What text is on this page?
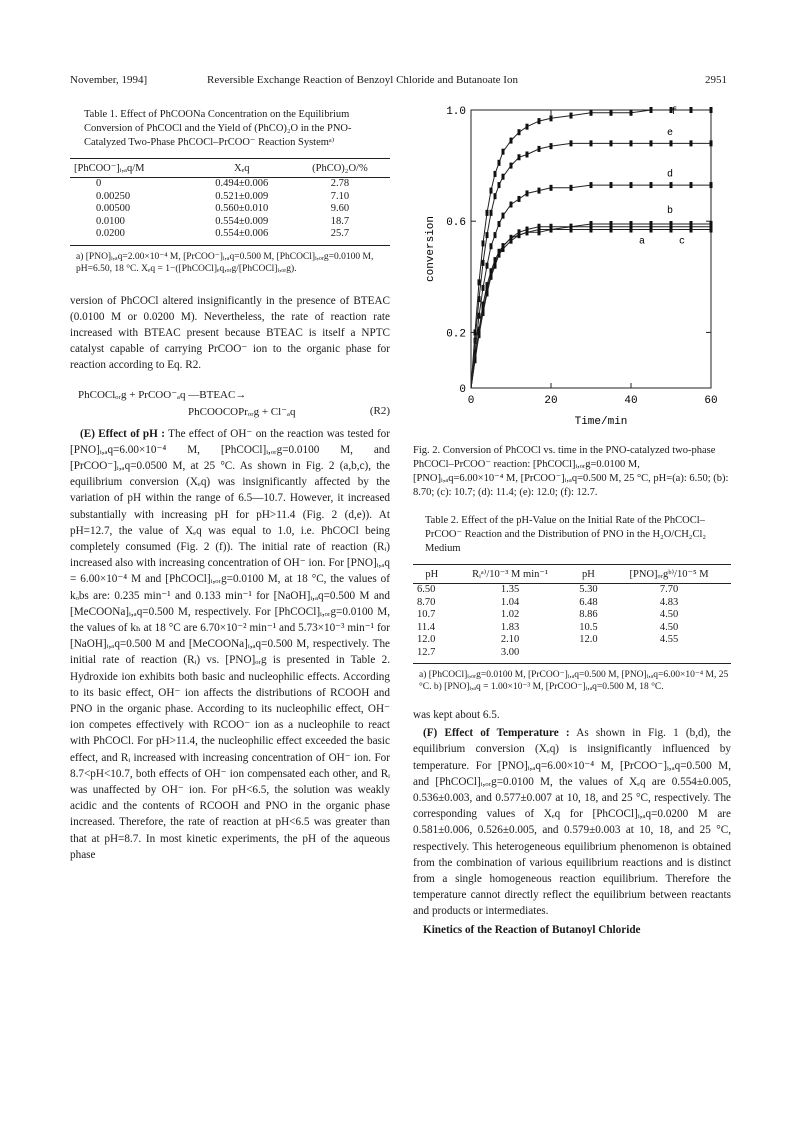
November, 1994]	Reversible Exchange Reaction of Benzoyl Chloride and Butanoate Ion	2951
Table 1. Effect of PhCOONa Concentration on the Equilibrium Conversion of PhCOCl and the Yield of (PhCO)₂O in the PNO-Catalyzed Two-Phase PhCOCl–PrCOO⁻ Reaction Systemᵃ⁾
[PhCOO⁻]ᵢ,ₐq/M	Xₑq	(PhCO)₂O/%
0	0.494±0.006	2.78
0.00250	0.521±0.009	7.10
0.00500	0.560±0.010	9.60
0.0100	0.554±0.009	18.7
0.0200	0.554±0.006	25.7
a) [PNO]ᵢ,ₐq=2.00×10⁻⁴ M, [PrCOO⁻]ᵢ,ₐq=0.500 M, [PhCOCl]ᵢ,ₒᵣg=0.0100 M, pH=6.50, 18 °C. Xₑq = 1−([PhCOCl]ₑq,ₒᵣg/[PhCOCl]ᵢ,ₒᵣg).

version of PhCOCl altered insignificantly in the presence of BTEAC (0.0100 M or 0.0200 M). Nevertheless, the rate of reaction rate increased with BTEAC present because BTEAC is itself a NPTC catalyst capable of carrying PrCOO⁻ ion to the organic phase for reaction according to Eq. R2.

PhCOClₒᵣg + PrCOO⁻ₐq —BTEAC→
PhCOOCOPrₒᵣg + Cl⁻ₐq	(R2)

(E) Effect of pH : The effect of OH⁻ on the reaction was tested for [PNO]ᵢ,ₐq=6.00×10⁻⁴ M, [PhCOCl]ᵢ,ₒᵣg=0.0100 M, and [PrCOO⁻]ᵢ,ₐq=0.0500 M, at 25 °C. As shown in Fig. 2 (a,b,c), the equilibrium conversion (Xₑq) was insignificantly affected by the variation of pH within the range of 6.5—10.7. However, it increased substantially with increasing pH for pH>11.4 (Fig. 2 (d,e)). At pH=12.7, the value of Xₑq was equal to 1.0, i.e. PhCOCl being completely consumed (Fig. 2 (f)). The initial rate of reaction (Rᵢ) increased also with increasing concentration of OH⁻ ion. For [PNO]ᵢ,ₐq = 6.00×10⁻⁴ M and [PhCOCl]ᵢ,ₒᵣg=0.0100 M, at 18 °C, the values of kₒbs are: 0.235 min⁻¹ and 0.133 min⁻¹ for [NaOH]ᵢ,ₐq=0.500 M and [MeCOONa]ᵢ,ₐq=0.500 M, respectively. For [PhCOCl]ᵢ,ₒᵣg=0.0100 M, the values of kₕ at 18 °C are 6.70×10⁻² min⁻¹ and 5.73×10⁻³ min⁻¹ for [NaOH]ᵢ,ₐq=0.500 M and [MeCOONa]ᵢ,ₐq=0.500 M, respectively. The initial rate of reaction (Rᵢ) vs. [PNO]ₒᵣg is presented in Table 2. Hydroxide ion exhibits both basic and nucleophilic effects. According to its basic effect, OH⁻ ion affects the distributions of RCOOH and PNO in the organic phase. According to its nucleophilic effect, OH⁻ ion competes effectively with RCOO⁻ ion as a nucleophile to react with PhCOCl. For pH>11.4, the nucleophilic effect exceeded the basic effect, and Rᵢ increased with increasing concentration of OH⁻ ion. For 8.7<pH<10.7, both effects of OH⁻ ion compensated each other, and Rᵢ was unaffected by OH⁻ ion. For pH<6.5, the solution was weakly acidic and the contents of RCOOH and PNO in the organic phase increased. Therefore, the rate of reaction at pH<6.5 was greater than that at pH=8.7. In most kinetic experiments, the pH of the aqueous phase

0
0.2
0.6
1.0
0	20	40	60
conversion
Time/min
a
b
c
d
e
f
Fig. 2. Conversion of PhCOCl vs. time in the PNO-catalyzed two-phase PhCOCl–PrCOO⁻ reaction: [PhCOCl]ᵢ,ₒᵣg=0.0100 M, [PNO]ᵢ,ₐq=6.00×10⁻⁴ M, [PrCOO⁻]ᵢ,ₐq=0.500 M, 25 °C, pH=(a): 6.50; (b): 8.70; (c): 10.7; (d): 11.4; (e): 12.0; (f): 12.7.
Table 2. Effect of the pH-Value on the Initial Rate of the PhCOCl–PrCOO⁻ Reaction and the Distribution of PNO in the H₂O/CH₂Cl₂ Medium
pH	Rᵢᵃ⁾/10⁻³ M min⁻¹	pH	[PNO]ₒᵣgᵇ⁾/10⁻⁵ M
6.50	1.35	5.30	7.70
8.70	1.04	6.48	4.83
10.7	1.02	8.86	4.50
11.4	1.83	10.5	4.50
12.0	2.10	12.0	4.55
12.7	3.00		
a) [PhCOCl]ᵢ,ₒᵣg=0.0100 M, [PrCOO⁻]ᵢ,ₐq=0.500 M, [PNO]ᵢ,ₐq=6.00×10⁻⁴ M, 25 °C. b) [PNO]ᵢ,ₐq = 1.00×10⁻³ M, [PrCOO⁻]ᵢ,ₐq=0.500 M, 18 °C.

was kept about 6.5.

(F) Effect of Temperature : As shown in Fig. 1 (b,d), the equilibrium conversion (Xₑq) is insignificantly influenced by temperature. For [PNO]ᵢ,ₐq=6.00×10⁻⁴ M, [PrCOO⁻]ᵢ,ₐq=0.500 M, and [PhCOCl]ᵢ,ₒᵣg=0.0100 M, the values of Xₑq are 0.554±0.005, 0.536±0.003, and 0.577±0.007 at 10, 18, and 25 °C, respectively. The corresponding values of Xₑq for [PhCOCl]ᵢ,ₐq=0.0200 M are 0.581±0.006, 0.526±0.005, and 0.579±0.003 at 10, 18, and 25 °C, respectively. This heterogeneous equilibrium phenomenon is obtained from the combination of various equilibrium reactions and is distinct from a single homogeneous reaction equilibrium. Therefore the temperature cannot directly reflect the equilibrium between reactants and products or intermediates.

Kinetics of the Reaction of Butanoyl Chloride
